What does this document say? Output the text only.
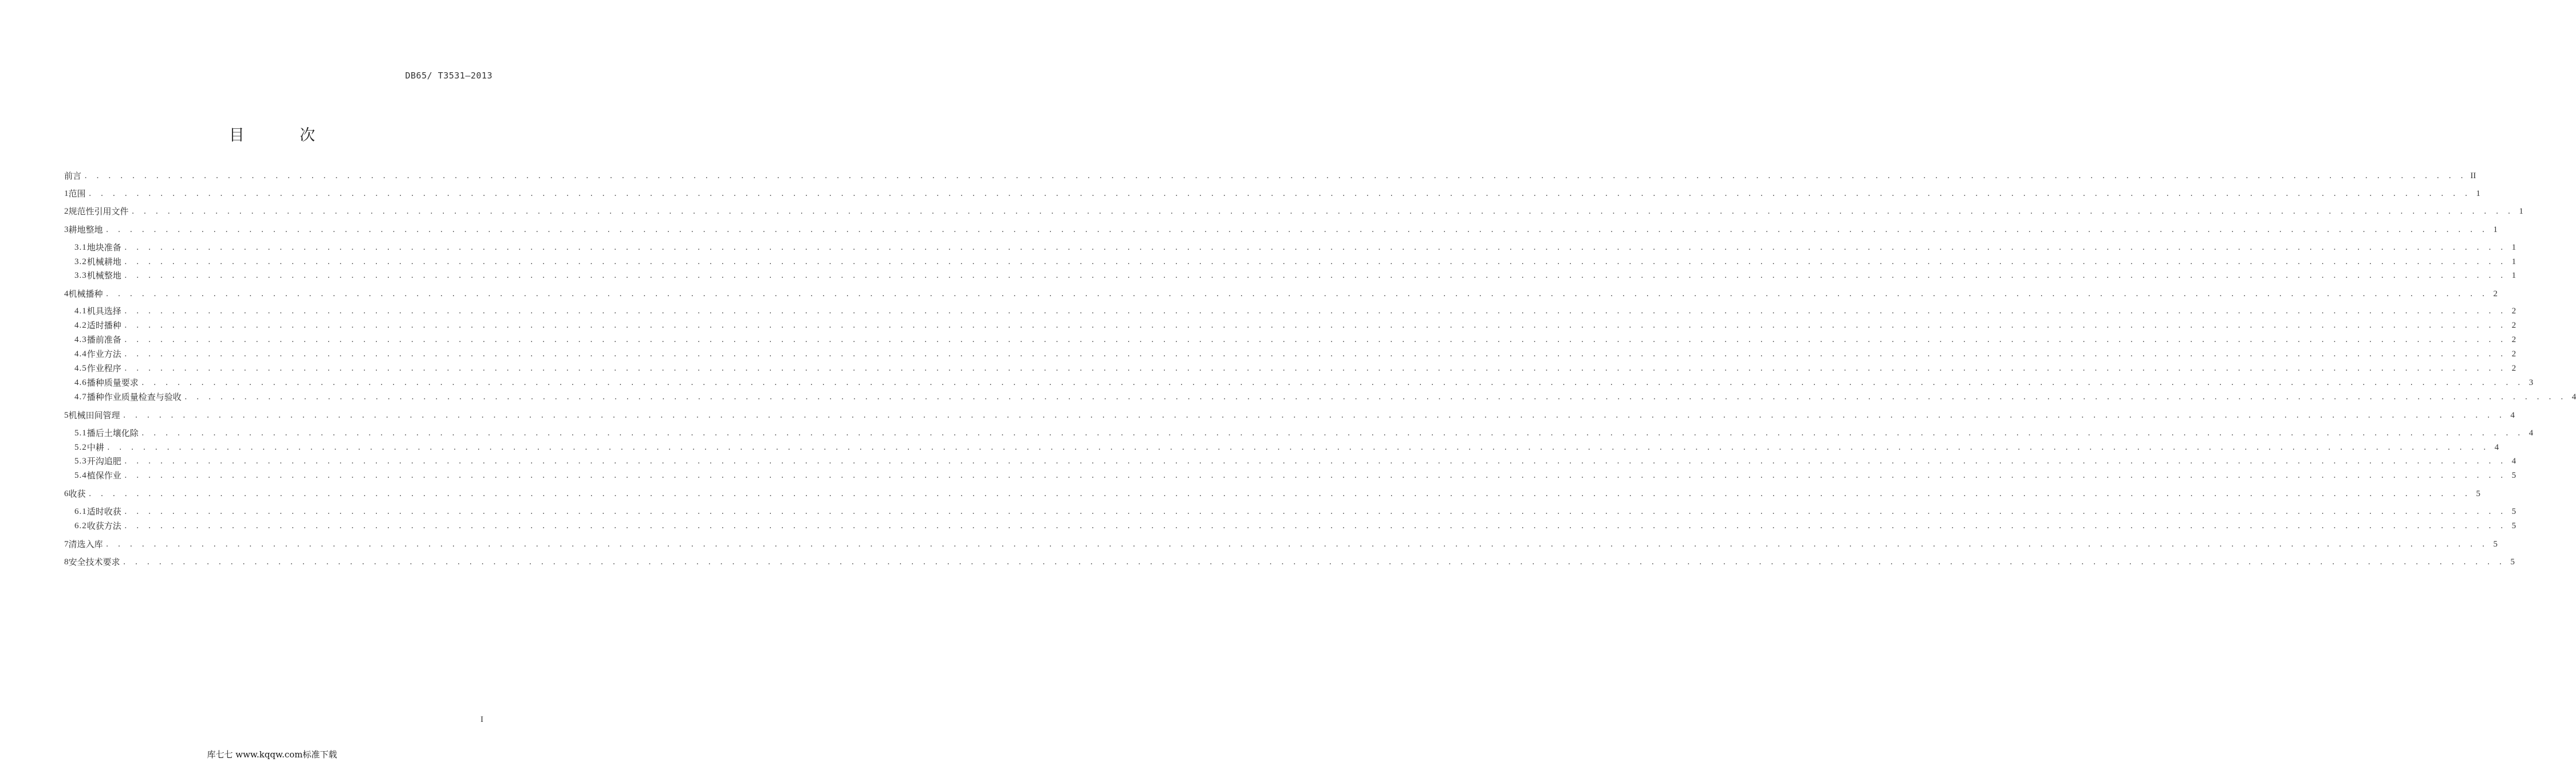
DB65/ T3531—2013
目 次
前言 . . . . . . . . . . . . . . . . . . . . . . . . . . . . . . . . . . . . . . . . . . . . . . . . . . . . . . . . . . . . . . . . . . . . . . . . . . . . . . . . . . . . . . . . . . . . . . . . . . . . . . . . . . . . . . . . . . . . . . . . . . . . . . . . . . . . . . . . . . . . . . . . . . . . . . . . . . . . . . . . . . . . . . . . . . . . . . . . . . . . . . . . . . . . . . . . . . . . . . . . II
1 范围 . . . . . . . . . . . . . . . . . . . . . . . . . . . . . . . . . . . . . . . . . . . . . . . . . . . . . . . . . . . . . . . . . . . . . . . . . . . . . . . . . . . . . . . . . . . . . . . . . . . . . . . . . . . . . . . . . . . . . . . . . . . . . . . . . . . . . . . . . . . . . . . . . . . . . . . . . . . . . . . . . . . . . . . . . . . . . . . . . . . . . . . . . . . . . . . . . . . . . . . . 1
2 规范性引用文件 . . . . . . . . . . . . . . . . . . . . . . . . . . . . . . . . . . . . . . . . . . . . . . . . . . . . . . . . . . . . . . . . . . . . . . . . . . . . . . . . . . . . . . . . . . . . . . . . . . . . . . . . . . . . . . . . . . . . . . . . . . . . . . . . . . . . . . . . . . . . . . . . . . . . . . . . . . . . . . . . . . . . . . . . . . . . . . . . . . . . . . . . . . . . . . . . . . . . . . . . 1
3 耕地整地 . . . . . . . . . . . . . . . . . . . . . . . . . . . . . . . . . . . . . . . . . . . . . . . . . . . . . . . . . . . . . . . . . . . . . . . . . . . . . . . . . . . . . . . . . . . . . . . . . . . . . . . . . . . . . . . . . . . . . . . . . . . . . . . . . . . . . . . . . . . . . . . . . . . . . . . . . . . . . . . . . . . . . . . . . . . . . . . . . . . . . . . . . . . . . . . . . . . . . . . . 1
3.1 地块准备 . . . . . . . . . . . . . . . . . . . . . . . . . . . . . . . . . . . . . . . . . . . . . . . . . . . . . . . . . . . . . . . . . . . . . . . . . . . . . . . . . . . . . . . . . . . . . . . . . . . . . . . . . . . . . . . . . . . . . . . . . . . . . . . . . . . . . . . . . . . . . . . . . . . . . . . . . . . . . . . . . . . . . . . . . . . . . . . . . . . . . . . . . . . . . . . . . . . . . . . . 1
3.2 机械耕地 . . . . . . . . . . . . . . . . . . . . . . . . . . . . . . . . . . . . . . . . . . . . . . . . . . . . . . . . . . . . . . . . . . . . . . . . . . . . . . . . . . . . . . . . . . . . . . . . . . . . . . . . . . . . . . . . . . . . . . . . . . . . . . . . . . . . . . . . . . . . . . . . . . . . . . . . . . . . . . . . . . . . . . . . . . . . . . . . . . . . . . . . . . . . . . . . . . . . . . . . 1
3.3 机械整地 . . . . . . . . . . . . . . . . . . . . . . . . . . . . . . . . . . . . . . . . . . . . . . . . . . . . . . . . . . . . . . . . . . . . . . . . . . . . . . . . . . . . . . . . . . . . . . . . . . . . . . . . . . . . . . . . . . . . . . . . . . . . . . . . . . . . . . . . . . . . . . . . . . . . . . . . . . . . . . . . . . . . . . . . . . . . . . . . . . . . . . . . . . . . . . . . . . . . . . . . 1
4 机械播种 . . . . . . . . . . . . . . . . . . . . . . . . . . . . . . . . . . . . . . . . . . . . . . . . . . . . . . . . . . . . . . . . . . . . . . . . . . . . . . . . . . . . . . . . . . . . . . . . . . . . . . . . . . . . . . . . . . . . . . . . . . . . . . . . . . . . . . . . . . . . . . . . . . . . . . . . . . . . . . . . . . . . . . . . . . . . . . . . . . . . . . . . . . . . . . . . . . . . . . . . 2
4.1 机具选择 . . . . . . . . . . . . . . . . . . . . . . . . . . . . . . . . . . . . . . . . . . . . . . . . . . . . . . . . . . . . . . . . . . . . . . . . . . . . . . . . . . . . . . . . . . . . . . . . . . . . . . . . . . . . . . . . . . . . . . . . . . . . . . . . . . . . . . . . . . . . . . . . . . . . . . . . . . . . . . . . . . . . . . . . . . . . . . . . . . . . . . . . . . . . . . . . . . . . . . . . 2
4.2 适时播种 . . . . . . . . . . . . . . . . . . . . . . . . . . . . . . . . . . . . . . . . . . . . . . . . . . . . . . . . . . . . . . . . . . . . . . . . . . . . . . . . . . . . . . . . . . . . . . . . . . . . . . . . . . . . . . . . . . . . . . . . . . . . . . . . . . . . . . . . . . . . . . . . . . . . . . . . . . . . . . . . . . . . . . . . . . . . . . . . . . . . . . . . . . . . . . . . . . . . . . . . 2
4.3 播前准备 . . . . . . . . . . . . . . . . . . . . . . . . . . . . . . . . . . . . . . . . . . . . . . . . . . . . . . . . . . . . . . . . . . . . . . . . . . . . . . . . . . . . . . . . . . . . . . . . . . . . . . . . . . . . . . . . . . . . . . . . . . . . . . . . . . . . . . . . . . . . . . . . . . . . . . . . . . . . . . . . . . . . . . . . . . . . . . . . . . . . . . . . . . . . . . . . . . . . . . . . 2
4.4 作业方法 . . . . . . . . . . . . . . . . . . . . . . . . . . . . . . . . . . . . . . . . . . . . . . . . . . . . . . . . . . . . . . . . . . . . . . . . . . . . . . . . . . . . . . . . . . . . . . . . . . . . . . . . . . . . . . . . . . . . . . . . . . . . . . . . . . . . . . . . . . . . . . . . . . . . . . . . . . . . . . . . . . . . . . . . . . . . . . . . . . . . . . . . . . . . . . . . . . . . . . . . 2
4.5 作业程序 . . . . . . . . . . . . . . . . . . . . . . . . . . . . . . . . . . . . . . . . . . . . . . . . . . . . . . . . . . . . . . . . . . . . . . . . . . . . . . . . . . . . . . . . . . . . . . . . . . . . . . . . . . . . . . . . . . . . . . . . . . . . . . . . . . . . . . . . . . . . . . . . . . . . . . . . . . . . . . . . . . . . . . . . . . . . . . . . . . . . . . . . . . . . . . . . . . . . . . . . 2
4.6 播种质量要求 . . . . . . . . . . . . . . . . . . . . . . . . . . . . . . . . . . . . . . . . . . . . . . . . . . . . . . . . . . . . . . . . . . . . . . . . . . . . . . . . . . . . . . . . . . . . . . . . . . . . . . . . . . . . . . . . . . . . . . . . . . . . . . . . . . . . . . . . . . . . . . . . . . . . . . . . . . . . . . . . . . . . . . . . . . . . . . . . . . . . . . . . . . . . . . . . . . . . . . . . 3
4.7 播种作业质量检查与验收 . . . . . . . . . . . . . . . . . . . . . . . . . . . . . . . . . . . . . . . . . . . . . . . . . . . . . . . . . . . . . . . . . . . . . . . . . . . . . . . . . . . . . . . . . . . . . . . . . . . . . . . . . . . . . . . . . . . . . . . . . . . . . . . . . . . . . . . . . . . . . . . . . . . . . . . . . . . . . . . . . . . . . . . . . . . . . . . . . . . . . . . . . . . . . . . . . . . . . . . . 4
5 机械田间管理 . . . . . . . . . . . . . . . . . . . . . . . . . . . . . . . . . . . . . . . . . . . . . . . . . . . . . . . . . . . . . . . . . . . . . . . . . . . . . . . . . . . . . . . . . . . . . . . . . . . . . . . . . . . . . . . . . . . . . . . . . . . . . . . . . . . . . . . . . . . . . . . . . . . . . . . . . . . . . . . . . . . . . . . . . . . . . . . . . . . . . . . . . . . . . . . . . . . . . . . . 4
5.1 播后土壤化除 . . . . . . . . . . . . . . . . . . . . . . . . . . . . . . . . . . . . . . . . . . . . . . . . . . . . . . . . . . . . . . . . . . . . . . . . . . . . . . . . . . . . . . . . . . . . . . . . . . . . . . . . . . . . . . . . . . . . . . . . . . . . . . . . . . . . . . . . . . . . . . . . . . . . . . . . . . . . . . . . . . . . . . . . . . . . . . . . . . . . . . . . . . . . . . . . . . . . . . . . 4
5.2 中耕 . . . . . . . . . . . . . . . . . . . . . . . . . . . . . . . . . . . . . . . . . . . . . . . . . . . . . . . . . . . . . . . . . . . . . . . . . . . . . . . . . . . . . . . . . . . . . . . . . . . . . . . . . . . . . . . . . . . . . . . . . . . . . . . . . . . . . . . . . . . . . . . . . . . . . . . . . . . . . . . . . . . . . . . . . . . . . . . . . . . . . . . . . . . . . . . . . . . . . . . . 4
5.3 开沟追肥 . . . . . . . . . . . . . . . . . . . . . . . . . . . . . . . . . . . . . . . . . . . . . . . . . . . . . . . . . . . . . . . . . . . . . . . . . . . . . . . . . . . . . . . . . . . . . . . . . . . . . . . . . . . . . . . . . . . . . . . . . . . . . . . . . . . . . . . . . . . . . . . . . . . . . . . . . . . . . . . . . . . . . . . . . . . . . . . . . . . . . . . . . . . . . . . . . . . . . . . . 4
5.4 植保作业 . . . . . . . . . . . . . . . . . . . . . . . . . . . . . . . . . . . . . . . . . . . . . . . . . . . . . . . . . . . . . . . . . . . . . . . . . . . . . . . . . . . . . . . . . . . . . . . . . . . . . . . . . . . . . . . . . . . . . . . . . . . . . . . . . . . . . . . . . . . . . . . . . . . . . . . . . . . . . . . . . . . . . . . . . . . . . . . . . . . . . . . . . . . . . . . . . . . . . . . . 5
6 收获 . . . . . . . . . . . . . . . . . . . . . . . . . . . . . . . . . . . . . . . . . . . . . . . . . . . . . . . . . . . . . . . . . . . . . . . . . . . . . . . . . . . . . . . . . . . . . . . . . . . . . . . . . . . . . . . . . . . . . . . . . . . . . . . . . . . . . . . . . . . . . . . . . . . . . . . . . . . . . . . . . . . . . . . . . . . . . . . . . . . . . . . . . . . . . . . . . . . . . . . . 5
6.1 适时收获 . . . . . . . . . . . . . . . . . . . . . . . . . . . . . . . . . . . . . . . . . . . . . . . . . . . . . . . . . . . . . . . . . . . . . . . . . . . . . . . . . . . . . . . . . . . . . . . . . . . . . . . . . . . . . . . . . . . . . . . . . . . . . . . . . . . . . . . . . . . . . . . . . . . . . . . . . . . . . . . . . . . . . . . . . . . . . . . . . . . . . . . . . . . . . . . . . . . . . . . . 5
6.2 收获方法 . . . . . . . . . . . . . . . . . . . . . . . . . . . . . . . . . . . . . . . . . . . . . . . . . . . . . . . . . . . . . . . . . . . . . . . . . . . . . . . . . . . . . . . . . . . . . . . . . . . . . . . . . . . . . . . . . . . . . . . . . . . . . . . . . . . . . . . . . . . . . . . . . . . . . . . . . . . . . . . . . . . . . . . . . . . . . . . . . . . . . . . . . . . . . . . . . . . . . . . . 5
7 清选入库 . . . . . . . . . . . . . . . . . . . . . . . . . . . . . . . . . . . . . . . . . . . . . . . . . . . . . . . . . . . . . . . . . . . . . . . . . . . . . . . . . . . . . . . . . . . . . . . . . . . . . . . . . . . . . . . . . . . . . . . . . . . . . . . . . . . . . . . . . . . . . . . . . . . . . . . . . . . . . . . . . . . . . . . . . . . . . . . . . . . . . . . . . . . . . . . . . . . . . . . . 5
8 安全技术要求 . . . . . . . . . . . . . . . . . . . . . . . . . . . . . . . . . . . . . . . . . . . . . . . . . . . . . . . . . . . . . . . . . . . . . . . . . . . . . . . . . . . . . . . . . . . . . . . . . . . . . . . . . . . . . . . . . . . . . . . . . . . . . . . . . . . . . . . . . . . . . . . . . . . . . . . . . . . . . . . . . . . . . . . . . . . . . . . . . . . . . . . . . . . . . . . . . . . . . . . . 5
I
库七七 www.kqqw.com标准下载
